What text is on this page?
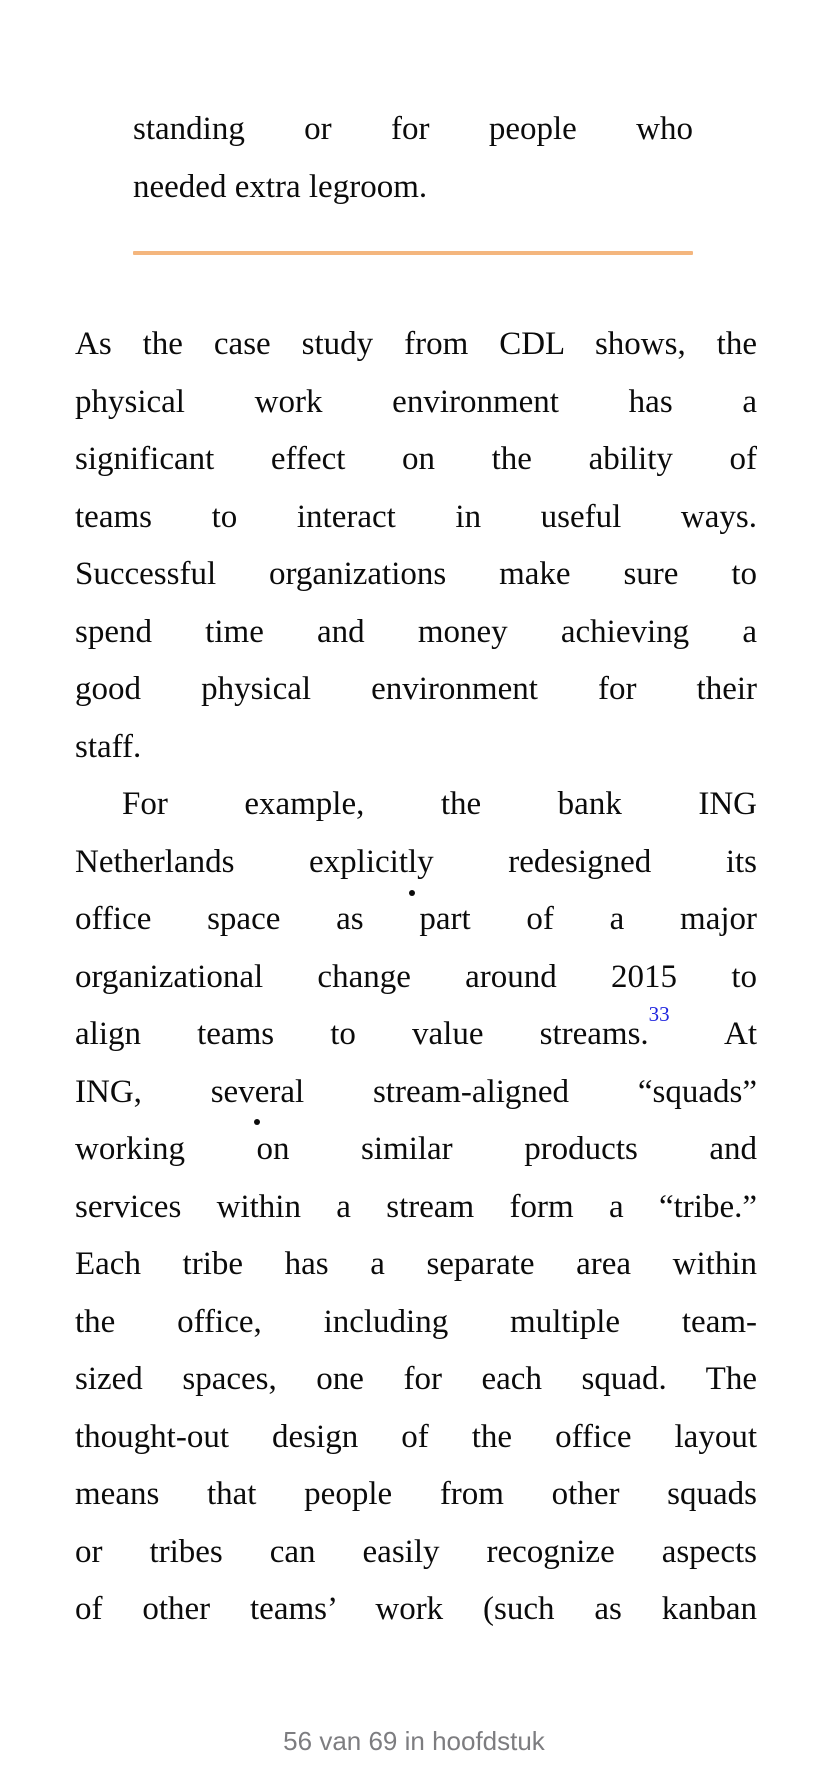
standing or for people who
needed extra legroom.
As the case study from CDL shows, the
physical work environment has a
significant effect on the ability of
teams to interact in useful ways.
Successful organizations make sure to
spend time and money achieving a
good physical environment for their
staff.
For example, the bank ING
Netherlands explicitly redesigned its
office space as part of a major
organizational change around 2015 to
align teams to value streams.$^{33}$ At
ING, several stream-aligned “squads”
working on similar products and
services within a stream form a “tribe.”
Each tribe has a separate area within
the office, including multiple team-
sized spaces, one for each squad. The
thought-out design of the office layout
means that people from other squads
or tribes can easily recognize aspects
of other teams’ work (such as kanban
56 van 69 in hoofdstuk
